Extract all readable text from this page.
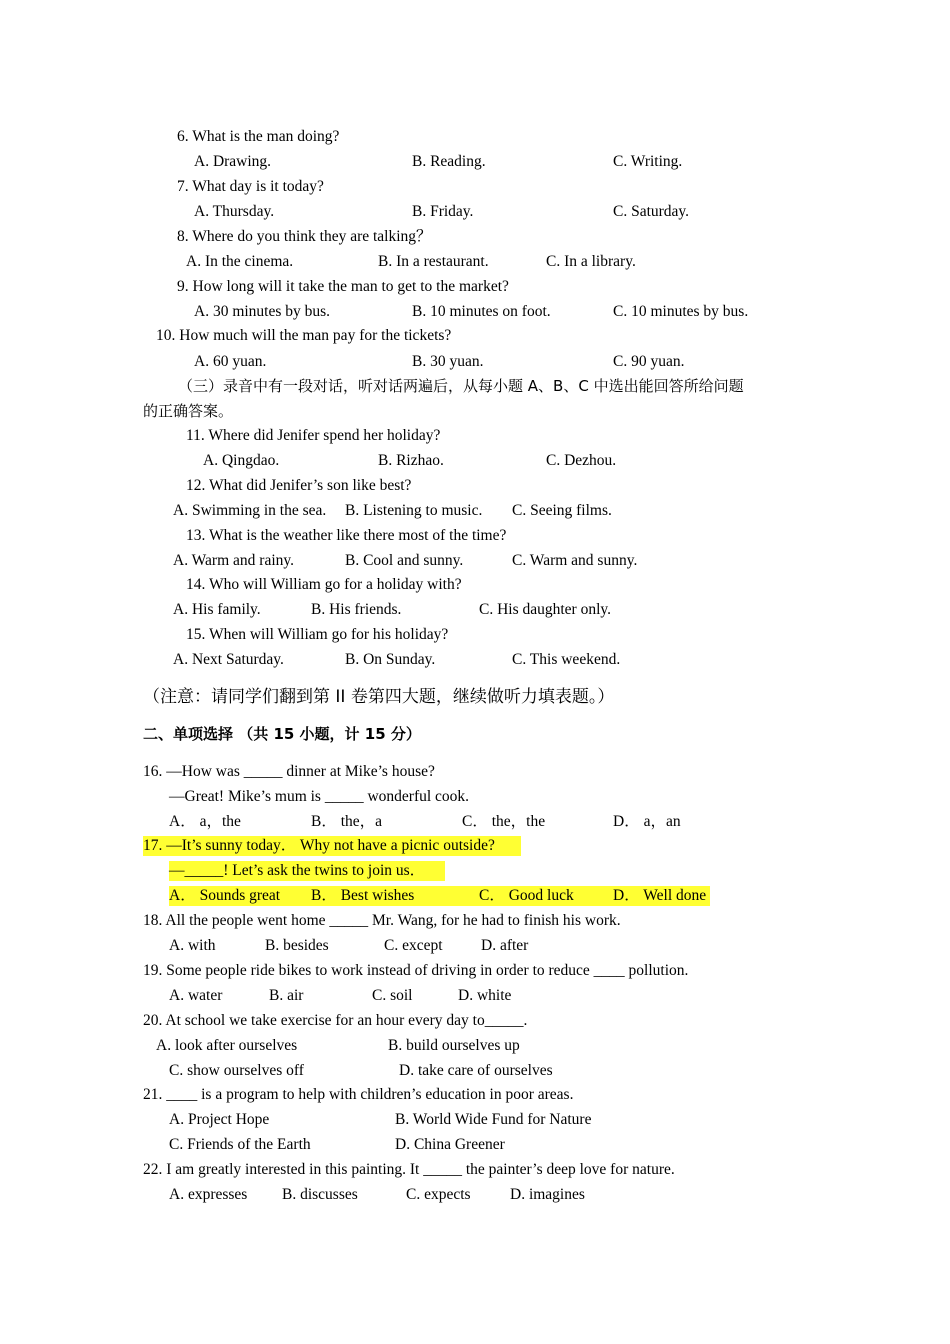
6. What is the man doing?
A. Drawing.	B. Reading.	C. Writing.
7. What day is it today?
A. Thursday.	B. Friday.	C. Saturday.
8. Where do you think they are talking？
A. In the cinema.	B. In a restaurant.	C. In a library.
9. How long will it take the man to get to the market?
A. 30 minutes by bus.	B. 10 minutes on foot.	C. 10 minutes by bus.
10. How much will the man pay for the tickets?
A. 60 yuan.	B. 30 yuan.	C. 90 yuan.
（三）录音中有一段对话，听对话两遍后，从每小题 A、B、C 中选出能回答所给问题
的正确答案。
11. Where did Jenifer spend her holiday?
A. Qingdao.	B. Rizhao.	C. Dezhou.
12. What did Jenifer’s son like best?
A. Swimming in the sea. B. Listening to music. C. Seeing films.
13. What is the weather like there most of the time?
A. Warm and rainy.	B. Cool and sunny.	C. Warm and sunny.
14. Who will William go for a holiday with?
A. His family.	B. His friends.	C. His daughter only.
15. When will William go for his holiday?
A. Next Saturday.	B. On Sunday.	C. This weekend.
（注意：请同学们翻到第 II 卷第四大题，继续做听力填表题。）
二、单项选择 （共 15 小题，计 15 分）
16. —How was _____ dinner at Mike’s house?
—Great! Mike’s mum is _____ wonderful cook.
A． a，the	B． the，a	C． the，the	D． a，an
17. —It’s sunny today． Why not have a picnic outside?
—_____! Let’s ask the twins to join us．
A． Sounds great B． Best wishes	C． Good luck	D． Well done
18. All the people went home _____ Mr. Wang, for he had to finish his work.
A. with	B. besides	C. except D. after
19. Some people ride bikes to work instead of driving in order to reduce ____ pollution.
A. water	B. air	C. soil	D. white
20. At school we take exercise for an hour every day to_____.
A. look after ourselves	B. build ourselves up
C. show ourselves off	D. take care of ourselves
21. ____ is a program to help with children’s education in poor areas.
A. Project Hope	B. World Wide Fund for Nature
C. Friends of the Earth	D. China Greener
22. I am greatly interested in this painting. It _____ the painter’s deep love for nature.
A. expresses B. discusses	C. expects	D. imagines
